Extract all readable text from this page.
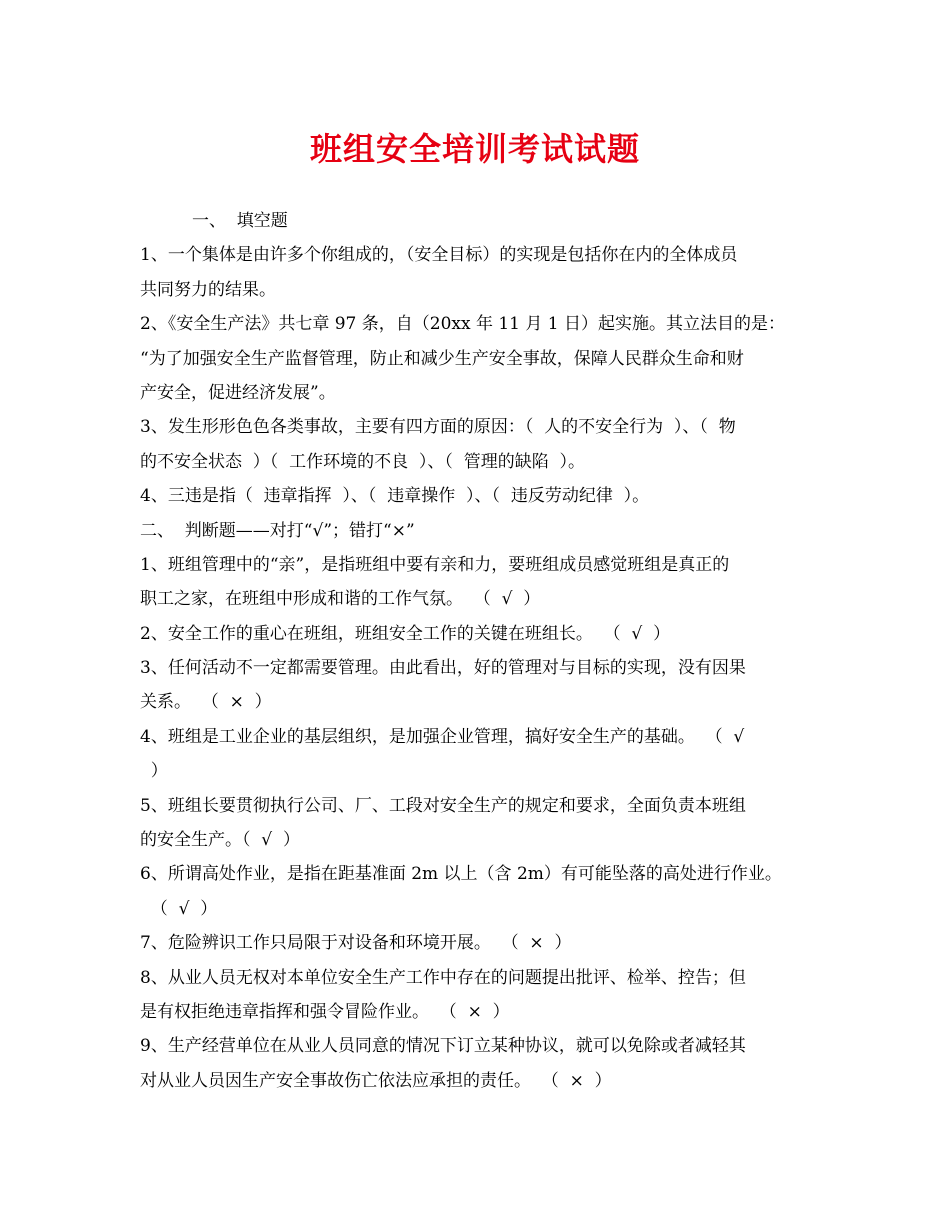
班组安全培训考试试题
一、  填空题
1、一个集体是由许多个你组成的，（安全目标）的实现是包括你在内的全体成员
共同努力的结果。
2、《安全生产法》共七章 97 条，自（20xx 年 11 月 1 日）起实施。其立法目的是：
“为了加强安全生产监督管理，防止和减少生产安全事故，保障人民群众生命和财
产安全，促进经济发展”。
3、发生形形色色各类事故，主要有四方面的原因：（  人的不安全行为  ）、（  物
的不安全状态  ）（  工作环境的不良  ）、（  管理的缺陷  ）。
4、三违是指（  违章指挥  ）、（  违章操作  ）、（  违反劳动纪律  ）。
二、  判断题——对打“√”；错打“×”
1、班组管理中的“亲”，是指班组中要有亲和力，要班组成员感觉班组是真正的
职工之家，在班组中形成和谐的工作气氛。  （  √  ）
2、安全工作的重心在班组，班组安全工作的关键在班组长。  （  √  ）
3、任何活动不一定都需要管理。由此看出，好的管理对与目标的实现，没有因果
关系。  （  ×  ）
4、班组是工业企业的基层组织，是加强企业管理，搞好安全生产的基础。  （  √
）
5、班组长要贯彻执行公司、厂、工段对安全生产的规定和要求，全面负责本班组
的安全生产。（  √  ）
6、所谓高处作业，是指在距基准面 2m 以上（含 2m）有可能坠落的高处进行作业。
（  √  ）
7、危险辨识工作只局限于对设备和环境开展。  （  ×  ）
8、从业人员无权对本单位安全生产工作中存在的问题提出批评、检举、控告；但
是有权拒绝违章指挥和强令冒险作业。  （  ×  ）
9、生产经营单位在从业人员同意的情况下订立某种协议，就可以免除或者减轻其
对从业人员因生产安全事故伤亡依法应承担的责任。  （  ×  ）
